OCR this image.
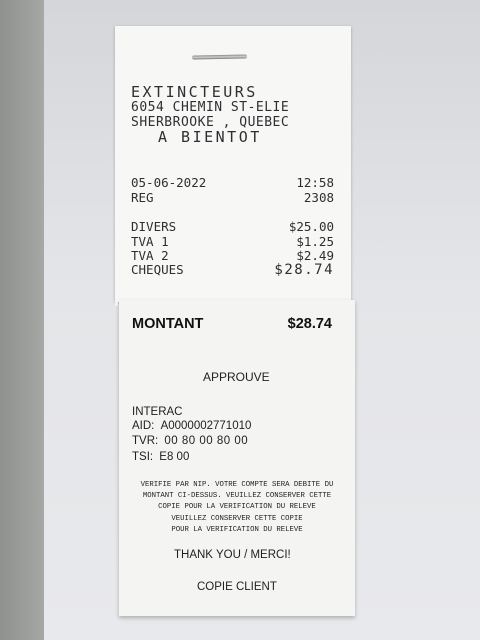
EXTINCTEURS
6054 CHEMIN ST-ELIE
SHERBROOKE , QUEBEC
A BIENTOT
05-06-2022	12:58
REG	2308
DIVERS	$25.00
TVA 1	$1.25
TVA 2	$2.49
CHEQUES	$28.74
MONTANT	$28.74
APPROUVE
INTERAC
AID: A0000002771010
TVR: 00 80 00 80 00
TSI: E8 00
VERIFIE PAR NIP. VOTRE COMPTE SERA DEBITE DU
MONTANT CI-DESSUS. VEUILLEZ CONSERVER CETTE
COPIE POUR LA VERIFICATION DU RELEVE
VEUILLEZ CONSERVER CETTE COPIE
POUR LA VERIFICATION DU RELEVE
THANK YOU / MERCI!
COPIE CLIENT
